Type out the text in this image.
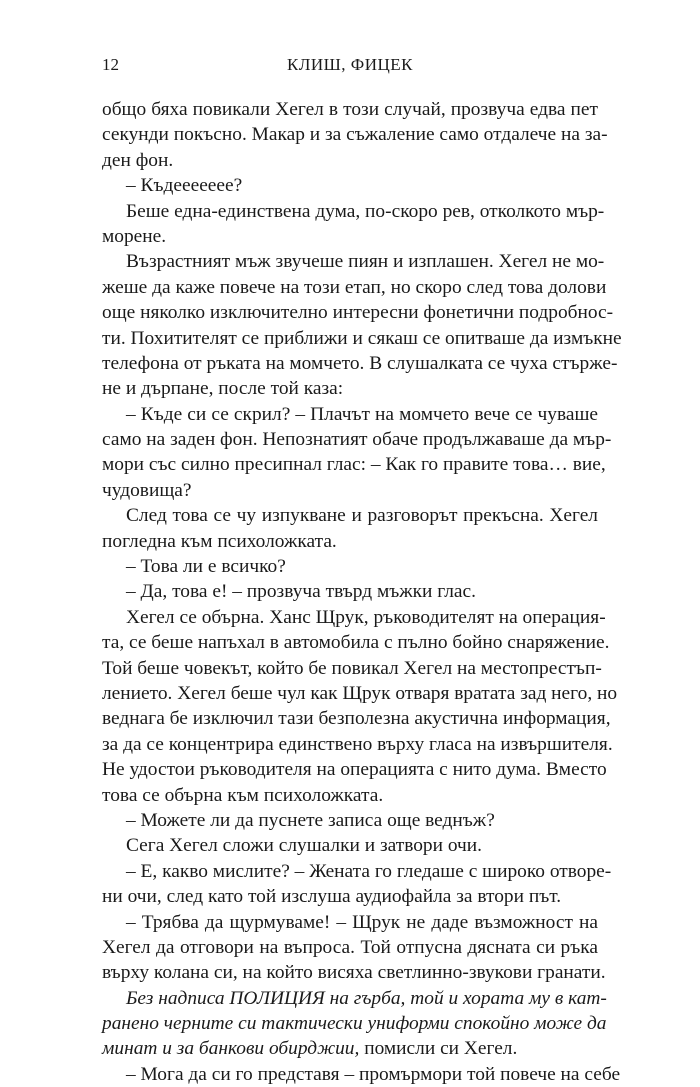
12	КЛИШ, ФИЦЕК
общо бяха повикали Хегел в този случай, прозвуча едва пет
секунди покъсно. Макар и за съжаление само отдалече на за-
ден фон.
– Къдеееееее?
Беше една-единствена дума, по-скоро рев, отколкото мър-
морене.
Възрастният мъж звучеше пиян и изплашен. Хегел не мо-
жеше да каже повече на този етап, но скоро след това долови
още няколко изключително интересни фонетични подробнос-
ти. Похитителят се приближи и сякаш се опитваше да измъкне
телефона от ръката на момчето. В слушалката се чуха стърже-
не и дърпане, после той каза:
– Къде си се скрил? – Плачът на момчето вече се чуваше
само на заден фон. Непознатият обаче продължаваше да мър-
мори със силно пресипнал глас: – Как го правите това… вие,
чудовища?
След това се чу изпукване и разговорът прекъсна. Хегел
погледна към психоложката.
– Това ли е всичко?
– Да, това е! – прозвуча твърд мъжки глас.
Хегел се обърна. Ханс Щрук, ръководителят на операция-
та, се беше напъхал в автомобила с пълно бойно снаряжение.
Той беше човекът, който бе повикал Хегел на местопрестъп-
лението. Хегел беше чул как Щрук отваря вратата зад него, но
веднага бе изключил тази безполезна акустична информация,
за да се концентрира единствено върху гласа на извършителя.
Не удостои ръководителя на операцията с нито дума. Вместо
това се обърна към психоложката.
– Можете ли да пуснете записа още веднъж?
Сега Хегел сложи слушалки и затвори очи.
– Е, какво мислите? – Жената го гледаше с широко отворе-
ни очи, след като той изслуша аудиофайла за втори път.
– Трябва да щурмуваме! – Щрук не даде възможност на
Хегел да отговори на въпроса. Той отпусна дясната си ръка
върху колана си, на който висяха светлинно-звукови гранати.
Без надписа ПОЛИЦИЯ на гърба, той и хората му в кат-
ранено черните си тактически униформи спокойно може да
минат и за банкови обирджии, помисли си Хегел.
– Мога да си го представя – промърмори той повече на себе
